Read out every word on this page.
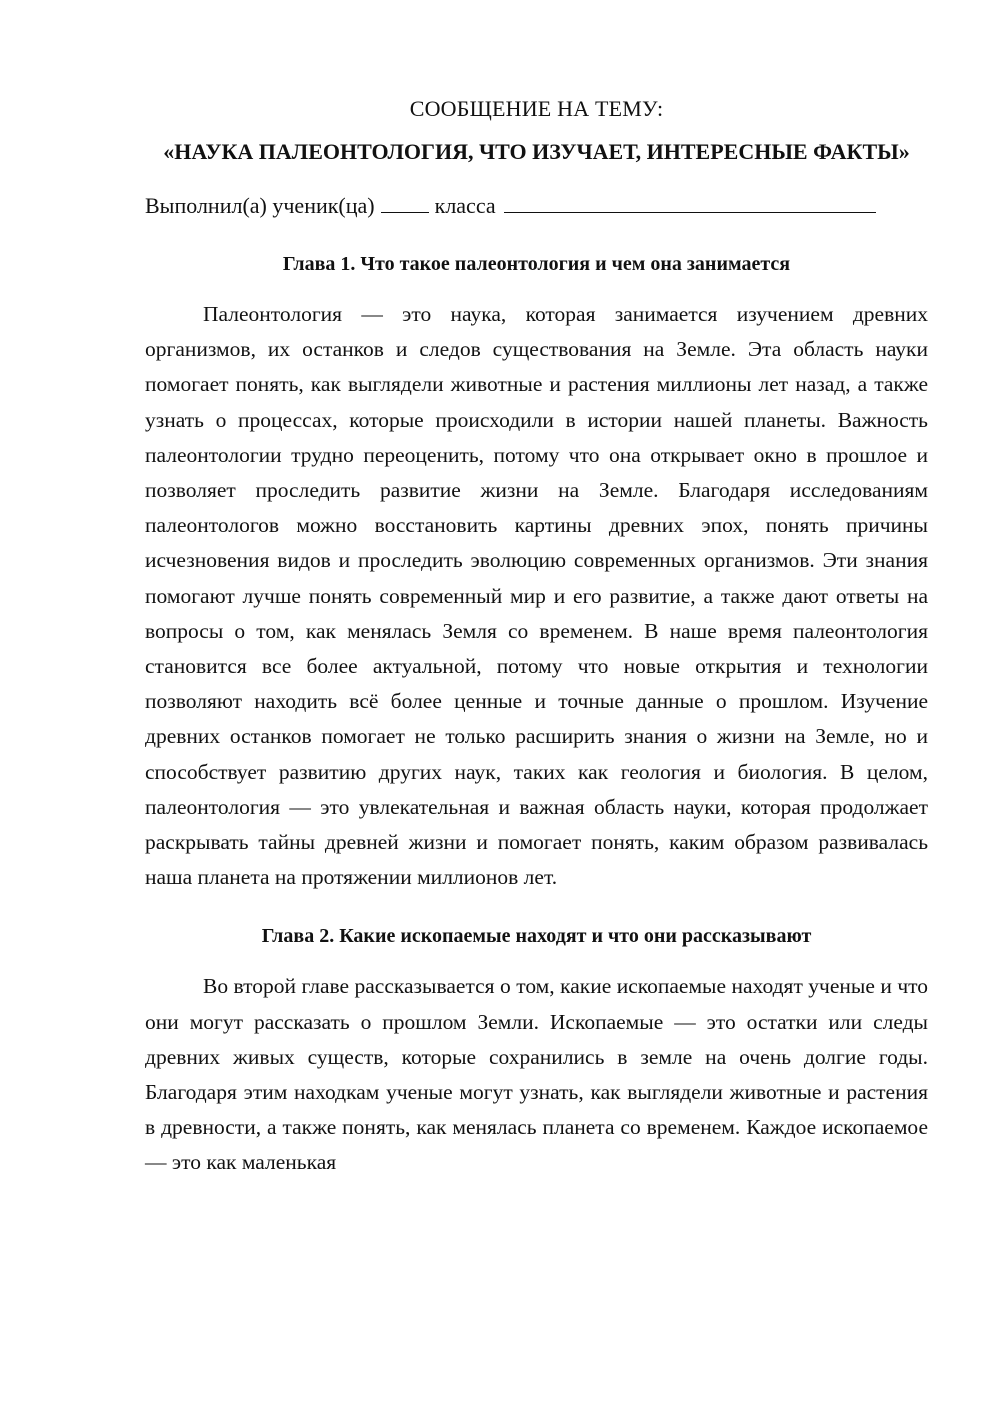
СООБЩЕНИЕ НА ТЕМУ:
«НАУКА ПАЛЕОНТОЛОГИЯ, ЧТО ИЗУЧАЕТ, ИНТЕРЕСНЫЕ ФАКТЫ»
Выполнил(а) ученик(ца)	класса
Глава 1. Что такое палеонтология и чем она занимается

Палеонтология — это наука, которая занимается изучением древних организмов, их останков и следов существования на Земле. Эта область науки помогает понять, как выглядели животные и растения миллионы лет назад, а также узнать о процессах, которые происходили в истории нашей планеты. Важность палеонтологии трудно переоценить, потому что она открывает окно в прошлое и позволяет проследить развитие жизни на Земле. Благодаря исследованиям палеонтологов можно восстановить картины древних эпох, понять причины исчезновения видов и проследить эволюцию современных организмов. Эти знания помогают лучше понять современный мир и его развитие, а также дают ответы на вопросы о том, как менялась Земля со временем. В наше время палеонтология становится все более актуальной, потому что новые открытия и технологии позволяют находить всё более ценные и точные данные о прошлом. Изучение древних останков помогает не только расширить знания о жизни на Земле, но и способствует развитию других наук, таких как геология и биология. В целом, палеонтология — это увлекательная и важная область науки, которая продолжает раскрывать тайны древней жизни и помогает понять, каким образом развивалась наша планета на протяжении миллионов лет.

Глава 2. Какие ископаемые находят и что они рассказывают

Во второй главе рассказывается о том, какие ископаемые находят ученые и что они могут рассказать о прошлом Земли. Ископаемые — это остатки или следы древних живых существ, которые сохранились в земле на очень долгие годы. Благодаря этим находкам ученые могут узнать, как выглядели животные и растения в древности, а также понять, как менялась планета со временем. Каждое ископаемое — это как маленькая
